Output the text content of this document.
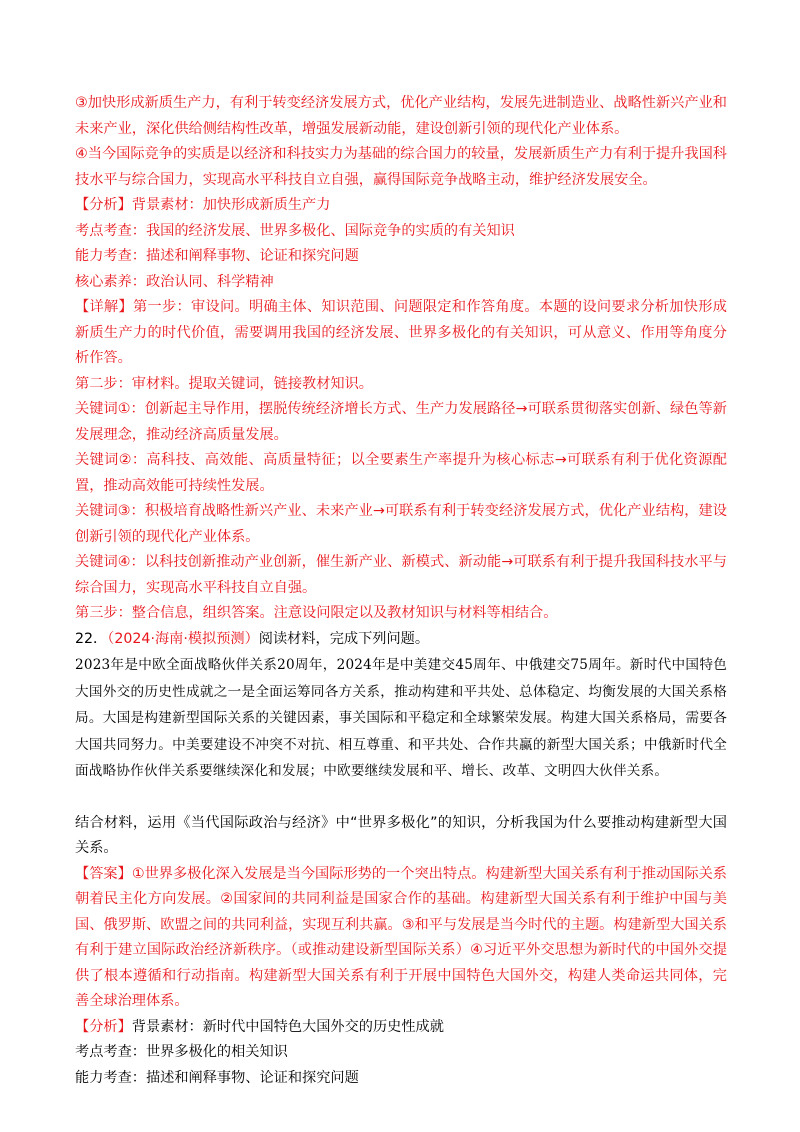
③加快形成新质生产力，有利于转变经济发展方式，优化产业结构，发展先进制造业、战略性新兴产业和未来产业，深化供给侧结构性改革，增强发展新动能，建设创新引领的现代化产业体系。

④当今国际竞争的实质是以经济和科技实力为基础的综合国力的较量，发展新质生产力有利于提升我国科技水平与综合国力，实现高水平科技自立自强，赢得国际竞争战略主动，维护经济发展安全。

【分析】背景素材：加快形成新质生产力

考点考查：我国的经济发展、世界多极化、国际竞争的实质的有关知识

能力考查：描述和阐释事物、论证和探究问题

核心素养：政治认同、科学精神

【详解】第一步：审设问。明确主体、知识范围、问题限定和作答角度。本题的设问要求分析加快形成新质生产力的时代价值，需要调用我国的经济发展、世界多极化的有关知识，可从意义、作用等角度分析作答。

第二步：审材料。提取关键词，链接教材知识。

关键词①：创新起主导作用，摆脱传统经济增长方式、生产力发展路径→可联系贯彻落实创新、绿色等新发展理念，推动经济高质量发展。

关键词②：高科技、高效能、高质量特征；以全要素生产率提升为核心标志→可联系有利于优化资源配置，推动高效能可持续性发展。

关键词③：积极培育战略性新兴产业、未来产业→可联系有利于转变经济发展方式，优化产业结构，建设创新引领的现代化产业体系。

关键词④：以科技创新推动产业创新，催生新产业、新模式、新动能→可联系有利于提升我国科技水平与综合国力，实现高水平科技自立自强。

第三步：整合信息，组织答案。注意设问限定以及教材知识与材料等相结合。

22．（2024·海南·模拟预测）阅读材料，完成下列问题。

2023年是中欧全面战略伙伴关系20周年，2024年是中美建交45周年、中俄建交75周年。新时代中国特色大国外交的历史性成就之一是全面运筹同各方关系，推动构建和平共处、总体稳定、均衡发展的大国关系格局。大国是构建新型国际关系的关键因素，事关国际和平稳定和全球繁荣发展。构建大国关系格局，需要各大国共同努力。中美要建设不冲突不对抗、相互尊重、和平共处、合作共赢的新型大国关系；中俄新时代全面战略协作伙伴关系要继续深化和发展；中欧要继续发展和平、增长、改革、文明四大伙伴关系。

结合材料，运用《当代国际政治与经济》中“世界多极化”的知识，分析我国为什么要推动构建新型大国关系。

【答案】①世界多极化深入发展是当今国际形势的一个突出特点。构建新型大国关系有利于推动国际关系朝着民主化方向发展。②国家间的共同利益是国家合作的基础。构建新型大国关系有利于维护中国与美国、俄罗斯、欧盟之间的共同利益，实现互利共赢。③和平与发展是当今时代的主题。构建新型大国关系有利于建立国际政治经济新秩序。（或推动建设新型国际关系）④习近平外交思想为新时代的中国外交提供了根本遵循和行动指南。构建新型大国关系有利于开展中国特色大国外交，构建人类命运共同体，完善全球治理体系。

【分析】背景素材：新时代中国特色大国外交的历史性成就

考点考查：世界多极化的相关知识

能力考查：描述和阐释事物、论证和探究问题
